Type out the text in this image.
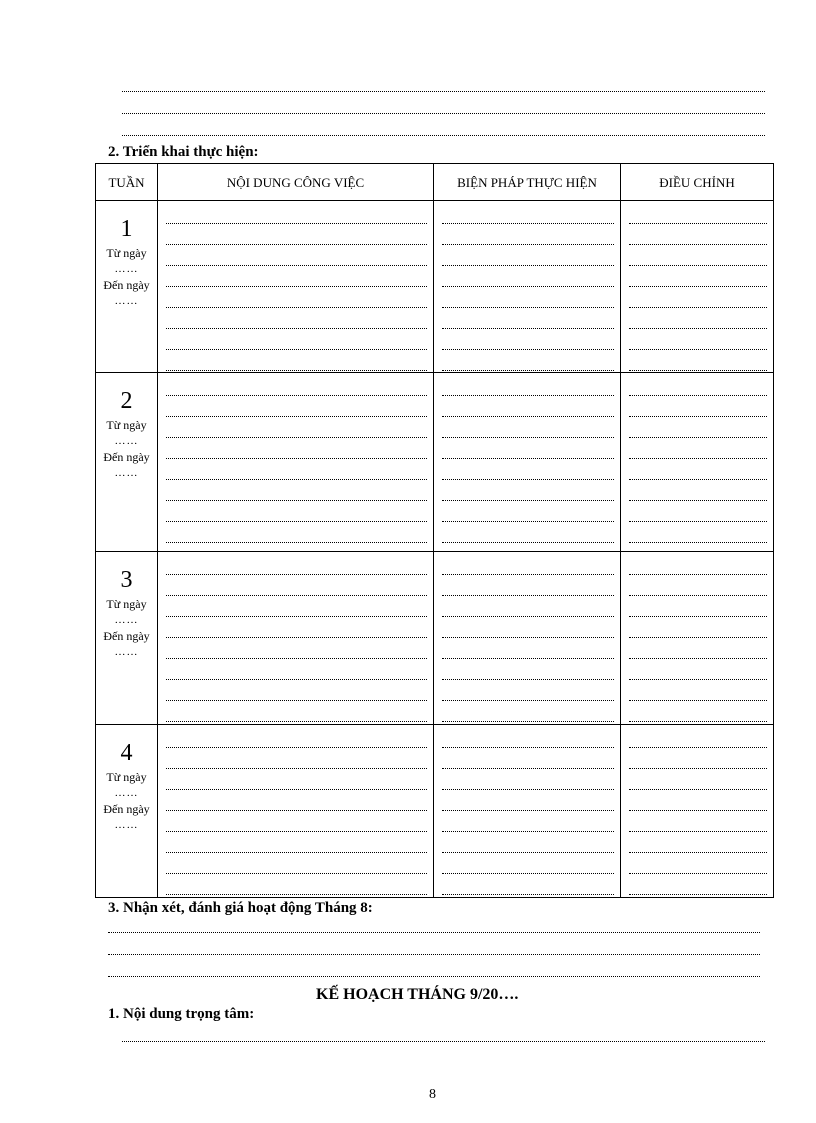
2. Triển khai thực hiện:
TUẦN	NỘI DUNG CÔNG VIỆC	BIỆN PHÁP THỰC HIỆN	ĐIỀU CHỈNH

1
Từ ngày
……
Đến ngày
……			

2
Từ ngày
……
Đến ngày
……			

3
Từ ngày
……
Đến ngày
……			

4
Từ ngày
……
Đến ngày
……			

3. Nhận xét, đánh giá hoạt động Tháng 8:
KẾ HOẠCH THÁNG 9/20….
1. Nội dung trọng tâm:
8
